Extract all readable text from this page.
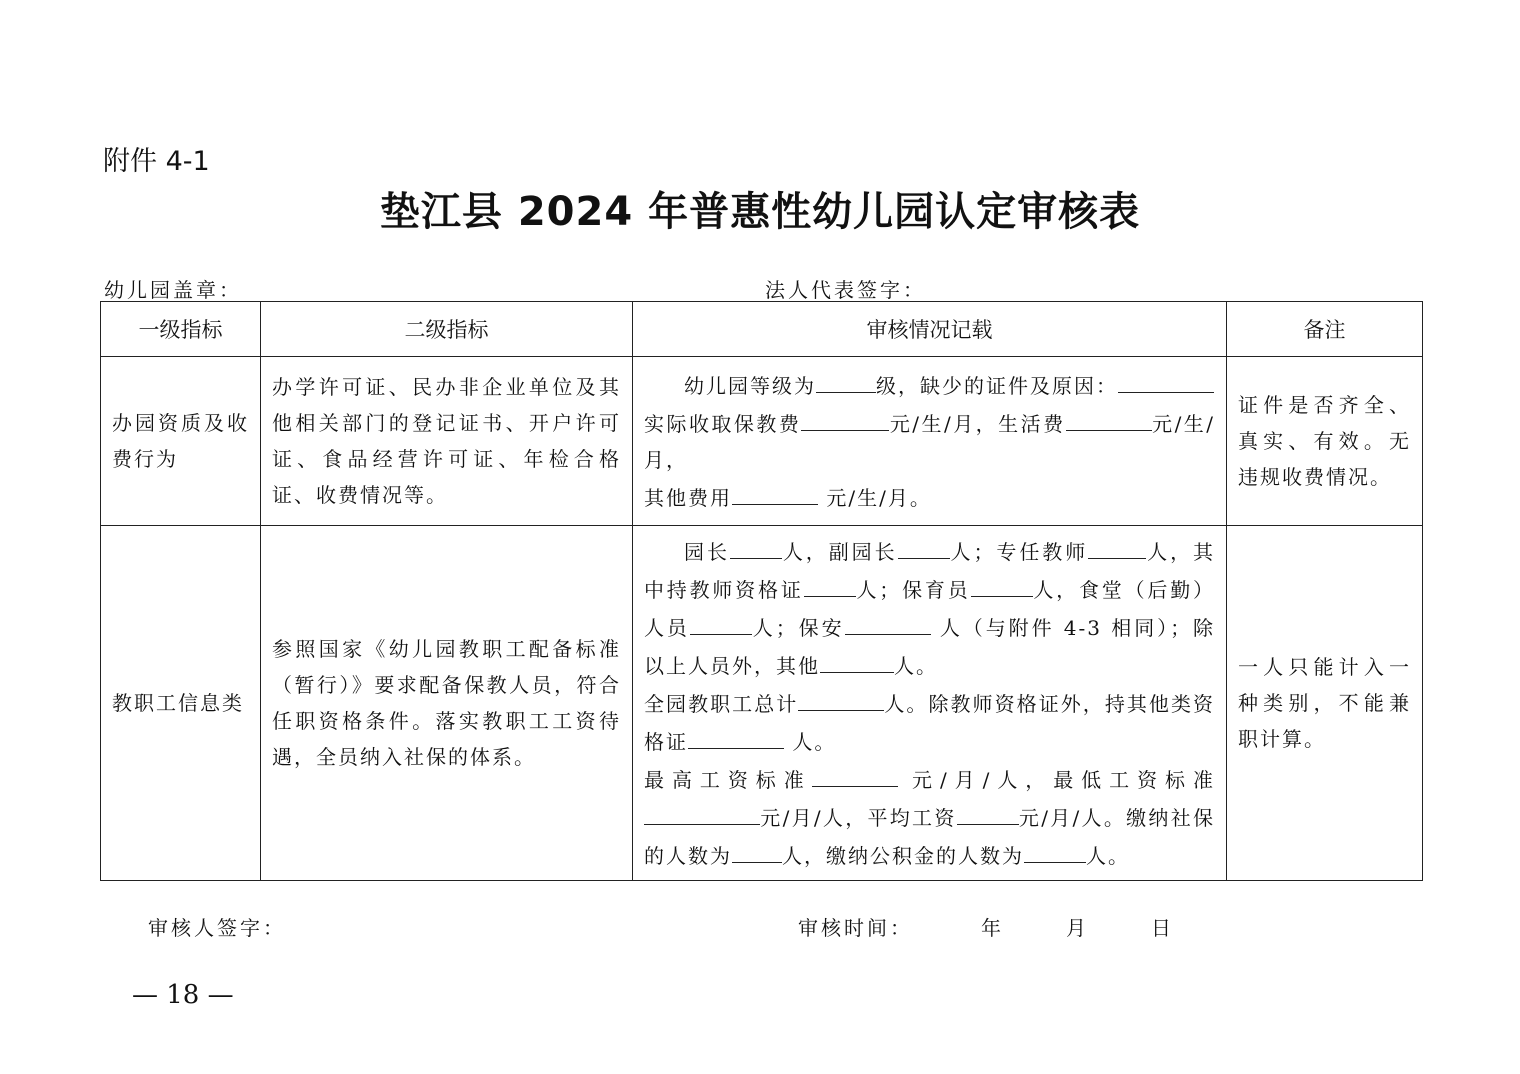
附件 4-1
垫江县 2024 年普惠性幼儿园认定审核表
幼儿园盖章：	法人代表签字：
一级指标	二级指标	审核情况记载	备注

办园资质及收费行为	办学许可证、民办非企业单位及其他相关部门的登记证书、开户许可证、食品经营许可证、年检合格证、收费情况等。	幼儿园等级为 级，缺少的证件及原因：
实际收取保教费 元/生/月，生活费 元/生/月，
其他费用 元/生/月。	证件是否齐全、真实、有效。无违规收费情况。

教职工信息类	参照国家《幼儿园教职工配备标准（暂行）》要求配备保教人员，符合任职资格条件。落实教职工工资待遇，全员纳入社保的体系。	园长 人，副园长 人；专任教师 人，其中持教师资格证 人；保育员 人，食堂（后勤）人员 人；保安 人（与附件 4-3 相同）；除以上人员外，其他 人。
全园教职工总计 人。除教师资格证外，持其他类资格证 人。
最高工资标准 元/月/人，最低工资标准元/月/人，平均工资 元/月/人。缴纳社保的人数为 人，缴纳公积金的人数为 人。	一人只能计入一种类别，不能兼职计算。
审核人签字：	审核时间：	年	月	日
— 18 —
